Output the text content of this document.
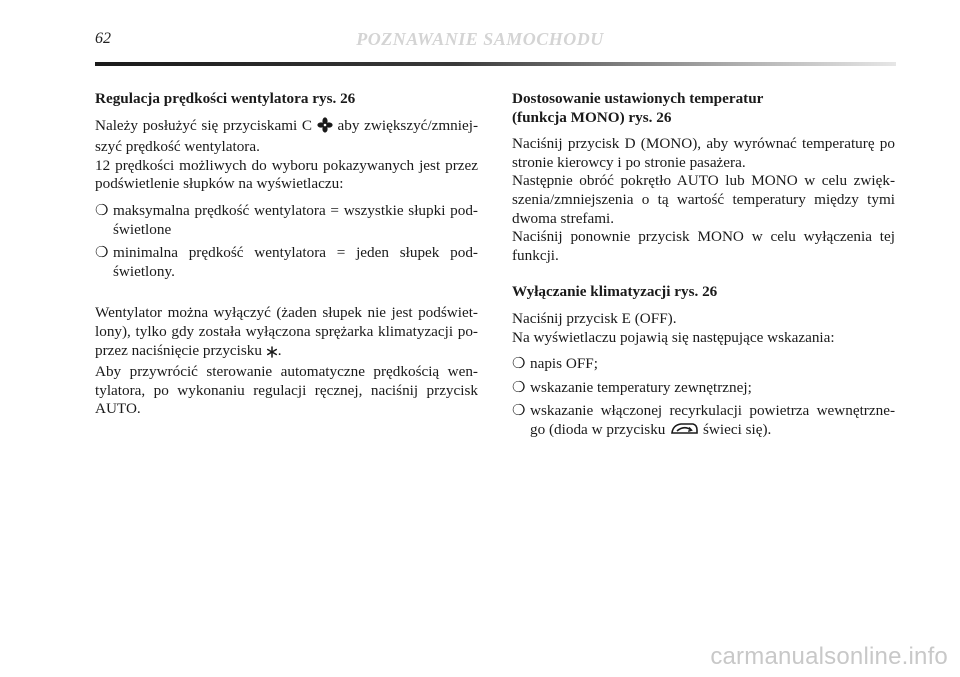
62	POZNAWANIE SAMOCHODU
Regulacja prędkości wentylatora rys. 26

Należy posłużyć się przyciskami C aby zwiększyć/zmniej-szyć prędkość wentylatora.

12 prędkości możliwych do wyboru pokazywanych jest przez podświetlenie słupków na wyświetlaczu:

❍ maksymalna prędkość wentylatora = wszystkie słupki pod-świetlone
❍ minimalna prędkość wentylatora = jeden słupek pod-świetlony.

Wentylator można wyłączyć (żaden słupek nie jest podświet-lony), tylko gdy została wyłączona sprężarka klimatyzacji po-przez naciśnięcie przycisku .

Aby przywrócić sterowanie automatyczne prędkością wen-tylatora, po wykonaniu regulacji ręcznej, naciśnij przycisk AUTO.

Dostosowanie ustawionych temperatur
(funkcja MONO) rys. 26

Naciśnij przycisk D (MONO), aby wyrównać temperaturę po stronie kierowcy i po stronie pasażera.

Następnie obróć pokrętło AUTO lub MONO w celu zwięk-szenia/zmniejszenia o tą wartość temperatury między tymi dwoma strefami.

Naciśnij ponownie przycisk MONO w celu wyłączenia tej funkcji.

Wyłączanie klimatyzacji rys. 26

Naciśnij przycisk E (OFF).

Na wyświetlaczu pojawią się następujące wskazania:

❍ napis OFF;
❍ wskazanie temperatury zewnętrznej;
❍ wskazanie włączonej recyrkulacji powietrza wewnętrzne-go (dioda w przycisku świeci się).
carmanualsonline.info
